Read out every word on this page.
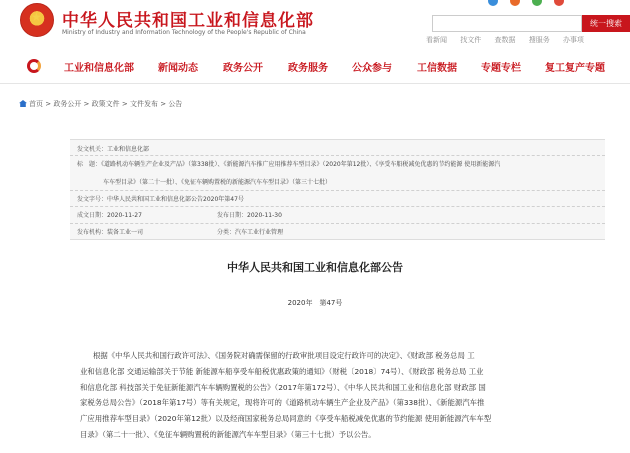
★
中华人民共和国工业和信息化部
Ministry of Industry and Information Technology of the People's Republic of China
统一搜索
看新闻 找文件 查数据 搜服务 办事项
工业和信息化部 新闻动态	政务公开	政务服务 公众参与	工信数据 专题专栏 复工复产专题
首页 > 政务公开 > 政策文件 > 文件发布 > 公告
发文机关：工业和信息化部
标　题：《道路机动车辆生产企业及产品》（第338批）、《新能源汽车推广应用推荐车型目录》（2020年第12批）、《享受车船税减免优惠的节约能源 使用新能源汽
车车型目录》（第二十一批）、《免征车辆购置税的新能源汽车车型目录》（第三十七批）
发文字号：中华人民共和国工业和信息化部公告2020年第47号
成文日期：2020-11-27	发布日期：2020-11-30
发布机构：装备工业一司	分类：汽车工业行业管理
中华人民共和国工业和信息化部公告
2020年　第47号
根据《中华人民共和国行政许可法》、《国务院对确需保留的行政审批项目设定行政许可的决定》、《财政部 税务总局 工
业和信息化部 交通运输部关于节能 新能源车船享受车船税优惠政策的通知》（财税〔2018〕74号）、《财政部 税务总局 工业
和信息化部 科技部关于免征新能源汽车车辆购置税的公告》（2017年第172号）、《中华人民共和国工业和信息化部 财政部 国
家税务总局公告》（2018年第17号）等有关规定，现将许可的《道路机动车辆生产企业及产品》（第338批）、《新能源汽车推
广应用推荐车型目录》（2020年第12批）以及经商国家税务总局同意的《享受车船税减免优惠的节约能源 使用新能源汽车车型
目录》（第二十一批）、《免征车辆购置税的新能源汽车车型目录》（第三十七批）予以公告。
